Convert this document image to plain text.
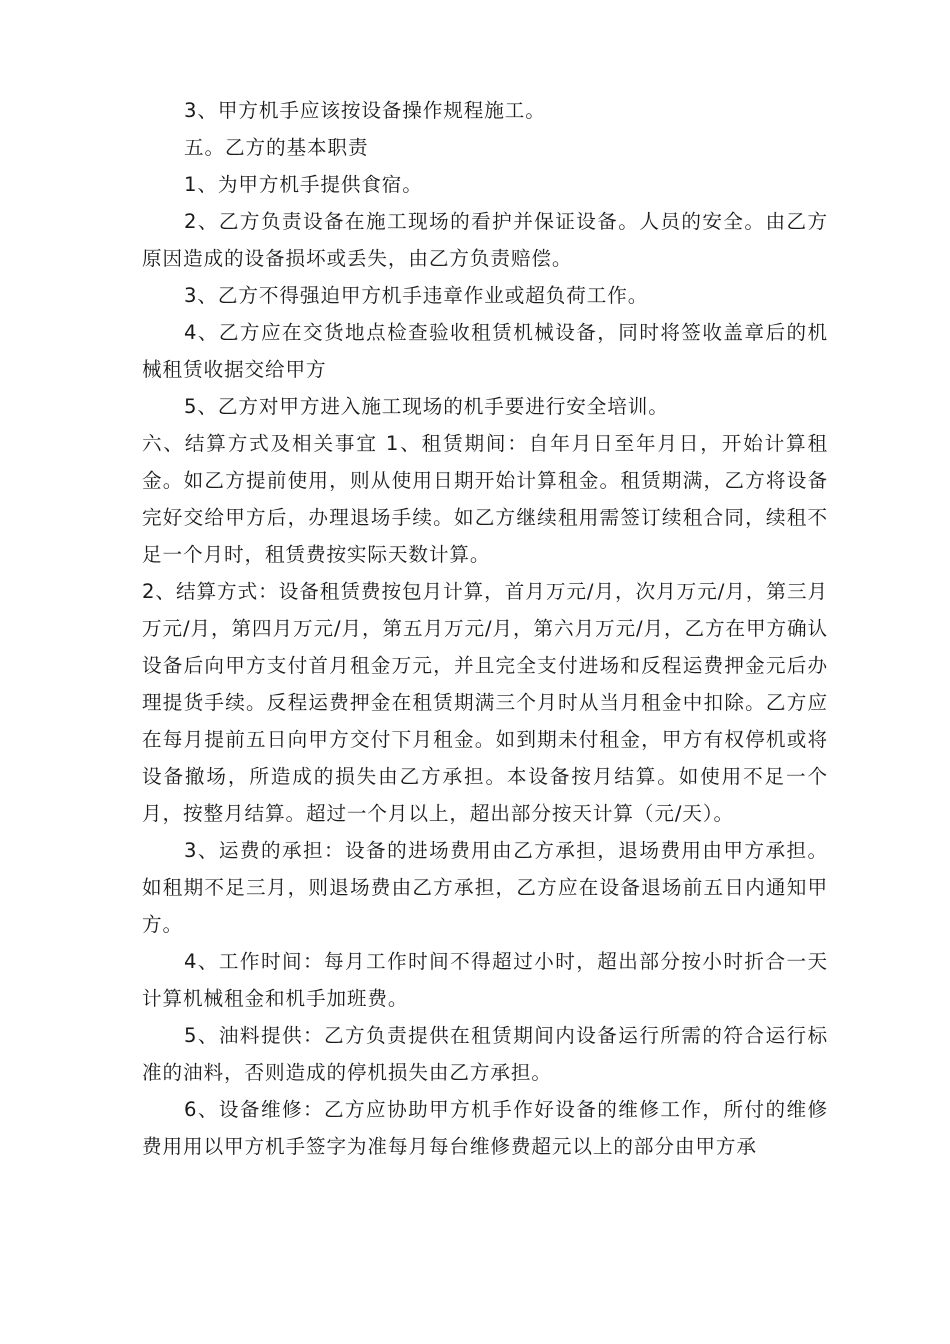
3、甲方机手应该按设备操作规程施工。

五。乙方的基本职责

1、为甲方机手提供食宿。

2、乙方负责设备在施工现场的看护并保证设备。人员的安全。由乙方原因造成的设备损坏或丢失，由乙方负责赔偿。

3、乙方不得强迫甲方机手违章作业或超负荷工作。

4、乙方应在交货地点检查验收租赁机械设备，同时将签收盖章后的机械租赁收据交给甲方

5、乙方对甲方进入施工现场的机手要进行安全培训。

六、结算方式及相关事宜 1、租赁期间：自年月日至年月日，开始计算租金。如乙方提前使用，则从使用日期开始计算租金。租赁期满，乙方将设备完好交给甲方后，办理退场手续。如乙方继续租用需签订续租合同，续租不足一个月时，租赁费按实际天数计算。

2、结算方式：设备租赁费按包月计算，首月万元/月，次月万元/月，第三月万元/月，第四月万元/月，第五月万元/月，第六月万元/月，乙方在甲方确认设备后向甲方支付首月租金万元，并且完全支付进场和反程运费押金元后办理提货手续。反程运费押金在租赁期满三个月时从当月租金中扣除。乙方应在每月提前五日向甲方交付下月租金。如到期未付租金，甲方有权停机或将设备撤场，所造成的损失由乙方承担。本设备按月结算。如使用不足一个月，按整月结算。超过一个月以上，超出部分按天计算（元/天）。

3、运费的承担：设备的进场费用由乙方承担，退场费用由甲方承担。如租期不足三月，则退场费由乙方承担，乙方应在设备退场前五日内通知甲方。

4、工作时间：每月工作时间不得超过小时，超出部分按小时折合一天计算机械租金和机手加班费。

5、油料提供：乙方负责提供在租赁期间内设备运行所需的符合运行标准的油料，否则造成的停机损失由乙方承担。

6、设备维修：乙方应协助甲方机手作好设备的维修工作，所付的维修费用用以甲方机手签字为准每月每台维修费超元以上的部分由甲方承
